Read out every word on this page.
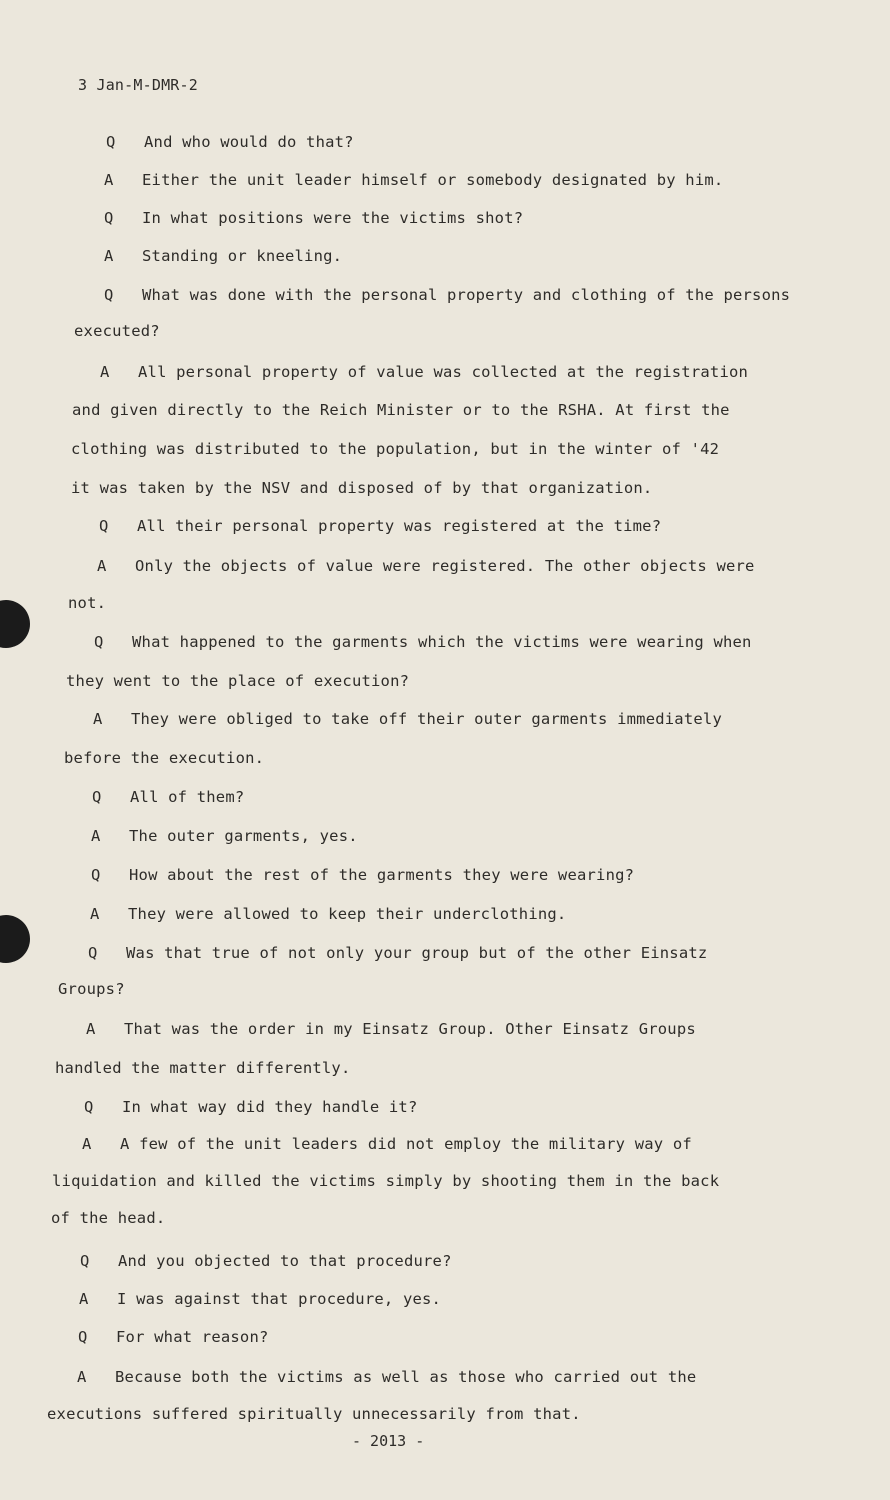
3 Jan-M-DMR-2
Q And who would do that?
A Either the unit leader himself or somebody designated by him.
Q In what positions were the victims shot?
A Standing or kneeling.
Q What was done with the personal property and clothing of the persons
executed?
A All personal property of value was collected at the registration
and given directly to the Reich Minister or to the RSHA. At first the
clothing was distributed to the population, but in the winter of '42
it was taken by the NSV and disposed of by that organization.
Q All their personal property was registered at the time?
A Only the objects of value were registered. The other objects were
not.
Q What happened to the garments which the victims were wearing when
they went to the place of execution?
A They were obliged to take off their outer garments immediately
before the execution.
Q All of them?
A The outer garments, yes.
Q How about the rest of the garments they were wearing?
A They were allowed to keep their underclothing.
Q Was that true of not only your group but of the other Einsatz
Groups?
A That was the order in my Einsatz Group. Other Einsatz Groups
handled the matter differently.
Q In what way did they handle it?
A A few of the unit leaders did not employ the military way of
liquidation and killed the victims simply by shooting them in the back
of the head.
Q And you objected to that procedure?
A I was against that procedure, yes.
Q For what reason?
A Because both the victims as well as those who carried out the
executions suffered spiritually unnecessarily from that.
- 2013 -
